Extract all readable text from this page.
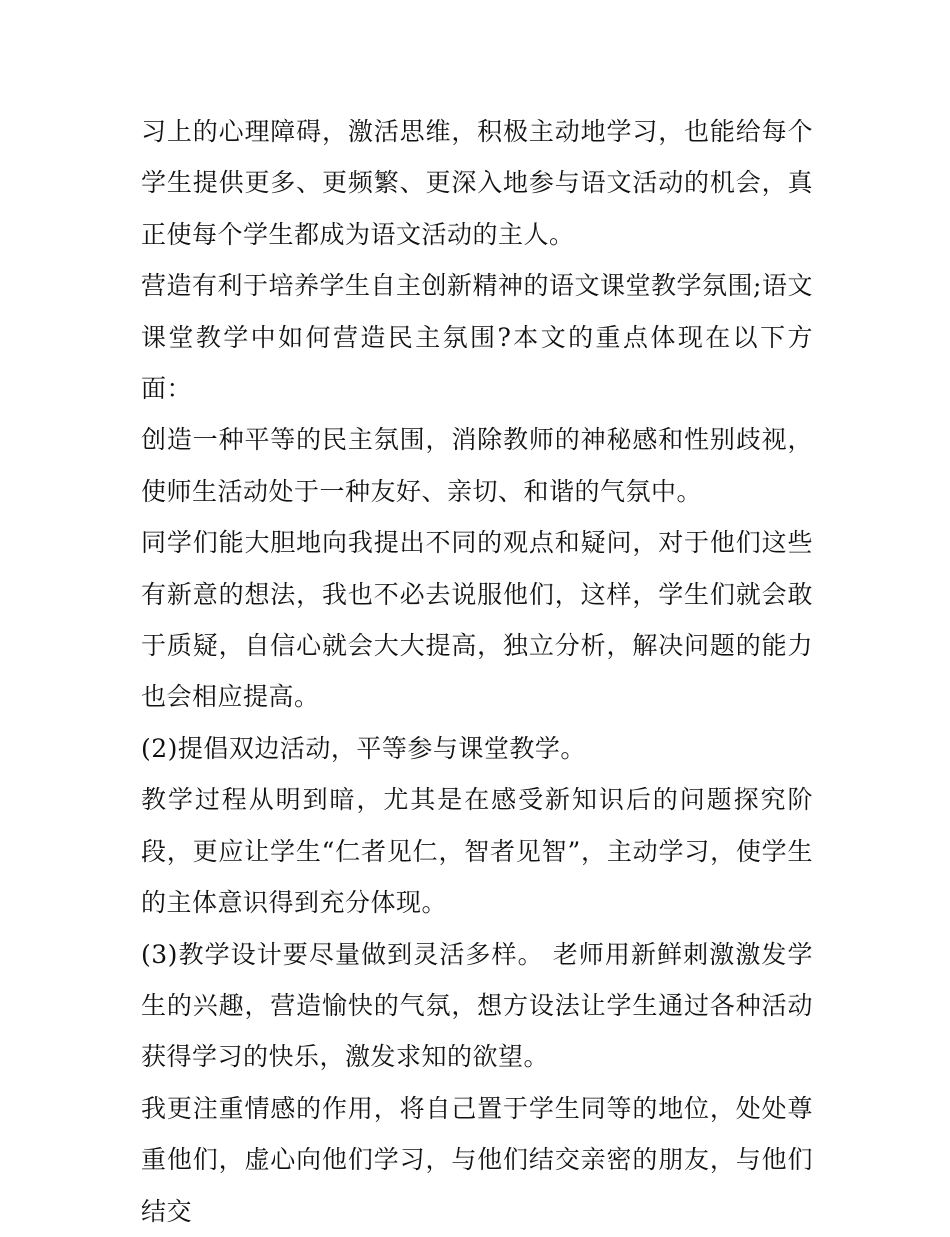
习上的心理障碍，激活思维，积极主动地学习，也能给每个学生提供更多、更频繁、更深入地参与语文活动的机会，真正使每个学生都成为语文活动的主人。

营造有利于培养学生自主创新精神的语文课堂教学氛围;语文课堂教学中如何营造民主氛围?本文的重点体现在以下方面：

创造一种平等的民主氛围，消除教师的神秘感和性别歧视，使师生活动处于一种友好、亲切、和谐的气氛中。

同学们能大胆地向我提出不同的观点和疑问，对于他们这些有新意的想法，我也不必去说服他们，这样，学生们就会敢于质疑，自信心就会大大提高，独立分析，解决问题的能力也会相应提高。

(2)提倡双边活动，平等参与课堂教学。

教学过程从明到暗，尤其是在感受新知识后的问题探究阶段，更应让学生“仁者见仁，智者见智”，主动学习，使学生的主体意识得到充分体现。

(3)教学设计要尽量做到灵活多样。 老师用新鲜刺激激发学生的兴趣，营造愉快的气氛，想方设法让学生通过各种活动获得学习的快乐，激发求知的欲望。

我更注重情感的作用，将自己置于学生同等的地位，处处尊重他们，虚心向他们学习，与他们结交亲密的朋友，与他们结交
